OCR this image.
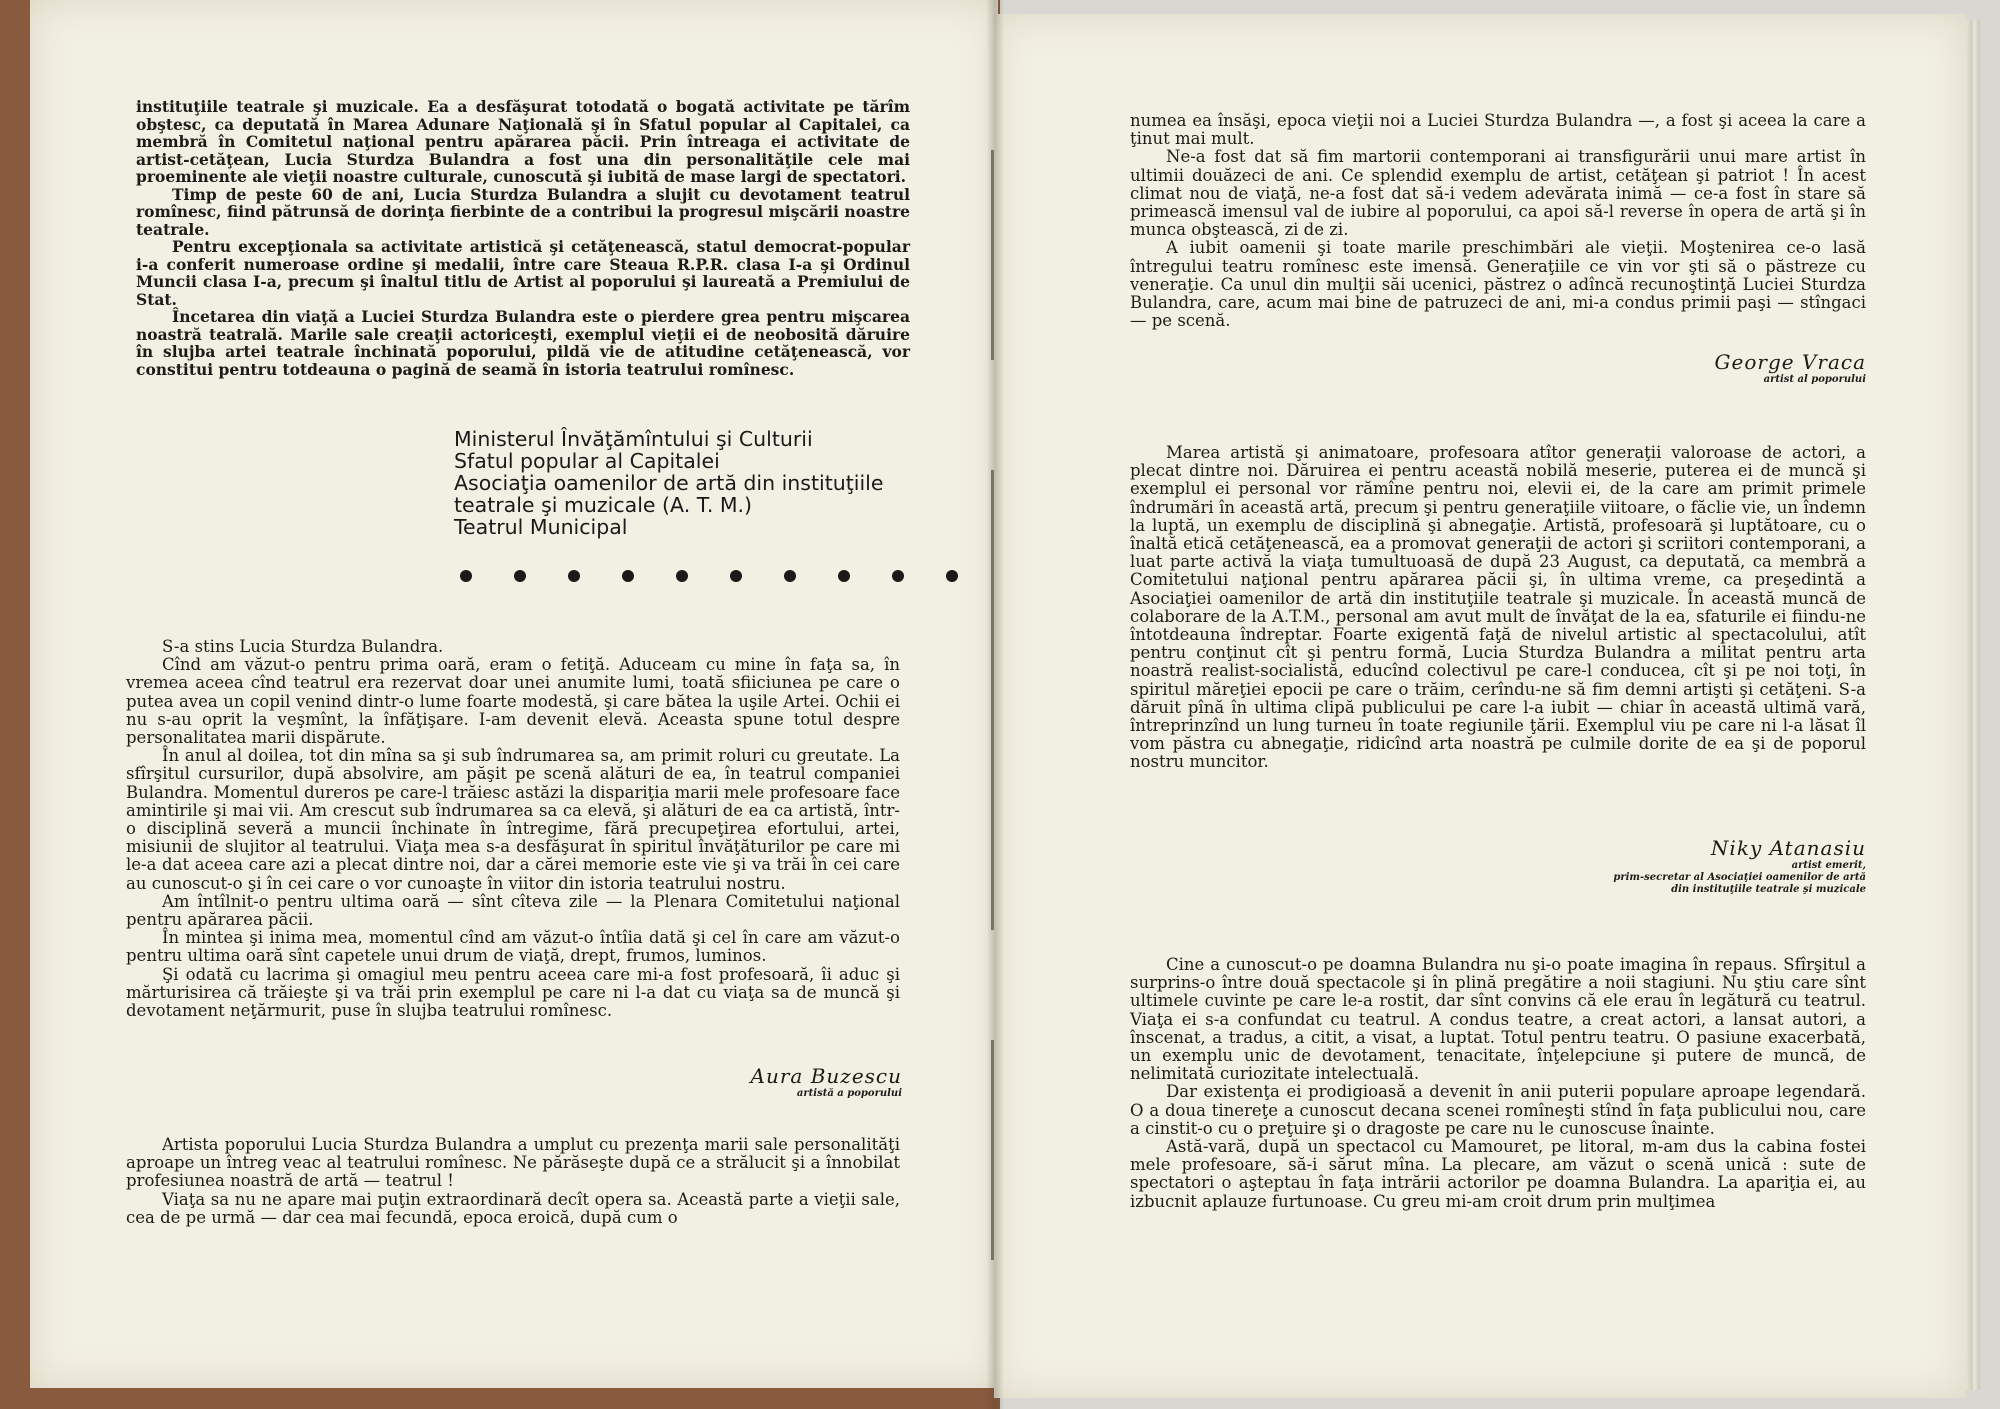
instituţiile teatrale şi muzicale. Ea a desfăşurat totodată o bogată activitate pe tărîm obştesc, ca deputată în Marea Adunare Naţională şi în Sfatul popular al Capitalei, ca membră în Comitetul naţional pentru apărarea păcii. Prin întreaga ei activitate de artist-cetăţean, Lucia Sturdza Bulandra a fost una din personalităţile cele mai proeminente ale vieţii noastre culturale, cunoscută şi iubită de mase largi de spectatori.

Timp de peste 60 de ani, Lucia Sturdza Bulandra a slujit cu devotament teatrul romînesc, fiind pătrunsă de dorinţa fierbinte de a contribui la progresul mişcării noastre teatrale.

Pentru excepţionala sa activitate artistică şi cetăţenească, statul democrat-popular i-a conferit numeroase ordine şi medalii, între care Steaua R.P.R. clasa I-a şi Ordinul Muncii clasa I-a, precum şi înaltul titlu de Artist al poporului şi laureată a Premiului de Stat.

Încetarea din viaţă a Luciei Sturdza Bulandra este o pierdere grea pentru mişcarea noastră teatrală. Marile sale creaţii actoriceşti, exemplul vieţii ei de neobosită dăruire în slujba artei teatrale închinată poporului, pildă vie de atitudine cetăţenească, vor constitui pentru totdeauna o pagină de seamă în istoria teatrului romînesc.

Ministerul Învăţămîntului şi Culturii
Sfatul popular al Capitalei
Asociaţia oamenilor de artă din instituţiile
teatrale şi muzicale (A. T. M.)
Teatrul Municipal

S-a stins Lucia Sturdza Bulandra.

Cînd am văzut-o pentru prima oară, eram o fetiţă. Aduceam cu mine în faţa sa, în vremea aceea cînd teatrul era rezervat doar unei anumite lumi, toată sfiiciunea pe care o putea avea un copil venind dintr-o lume foarte modestă, şi care bătea la uşile Artei. Ochii ei nu s-au oprit la veşmînt, la înfăţişare. I-am devenit elevă. Aceasta spune totul despre personalitatea marii dispărute.

În anul al doilea, tot din mîna sa şi sub îndrumarea sa, am primit roluri cu greutate. La sfîrşitul cursurilor, după absolvire, am păşit pe scenă alături de ea, în teatrul companiei Bulandra. Momentul dureros pe care-l trăiesc astăzi la dispariţia marii mele profesoare face amintirile şi mai vii. Am crescut sub îndrumarea sa ca elevă, şi alături de ea ca artistă, într-o disciplină severă a muncii închinate în întregime, fără precupeţirea efortului, artei, misiunii de slujitor al teatrului. Viaţa mea s-a desfăşurat în spiritul învăţăturilor pe care mi le-a dat aceea care azi a plecat dintre noi, dar a cărei memorie este vie şi va trăi în cei care au cunoscut-o şi în cei care o vor cunoaşte în viitor din istoria teatrului nostru.

Am întîlnit-o pentru ultima oară — sînt cîteva zile — la Plenara Comitetului naţional pentru apărarea păcii.

În mintea şi inima mea, momentul cînd am văzut-o întîia dată şi cel în care am văzut-o pentru ultima oară sînt capetele unui drum de viaţă, drept, frumos, luminos.

Şi odată cu lacrima şi omagiul meu pentru aceea care mi-a fost profesoară, îi aduc şi mărturisirea că trăieşte şi va trăi prin exemplul pe care ni l-a dat cu viaţa sa de muncă şi devotament neţărmurit, puse în slujba teatrului romînesc.

Aura Buzescu
artistă a poporului

Artista poporului Lucia Sturdza Bulandra a umplut cu prezenţa marii sale personalităţi aproape un întreg veac al teatrului romînesc. Ne părăseşte după ce a strălucit şi a înnobilat profesiunea noastră de artă — teatrul !

Viaţa sa nu ne apare mai puţin extraordinară decît opera sa. Această parte a vieţii sale, cea de pe urmă — dar cea mai fecundă, epoca eroică, după cum o

numea ea însăşi, epoca vieţii noi a Luciei Sturdza Bulandra —, a fost şi aceea la care a ţinut mai mult.

Ne-a fost dat să fim martorii contemporani ai transfigurării unui mare artist în ultimii douăzeci de ani. Ce splendid exemplu de artist, cetăţean şi patriot ! În acest climat nou de viaţă, ne-a fost dat să-i vedem adevărata inimă — ce-a fost în stare să primească imensul val de iubire al poporului, ca apoi să-l reverse în opera de artă şi în munca obştească, zi de zi.

A iubit oamenii şi toate marile preschimbări ale vieţii. Moştenirea ce-o lasă întregului teatru romînesc este imensă. Generaţiile ce vin vor şti să o păstreze cu veneraţie. Ca unul din mulţii săi ucenici, păstrez o adîncă recunoştinţă Luciei Sturdza Bulandra, care, acum mai bine de patruzeci de ani, mi-a condus primii paşi — stîngaci — pe scenă.

George Vraca
artist al poporului

Marea artistă şi animatoare, profesoara atîtor generaţii valoroase de actori, a plecat dintre noi. Dăruirea ei pentru această nobilă meserie, puterea ei de muncă şi exemplul ei personal vor rămîne pentru noi, elevii ei, de la care am primit primele îndrumări în această artă, precum şi pentru generaţiile viitoare, o făclie vie, un îndemn la luptă, un exemplu de disciplină şi abnegaţie. Artistă, profesoară şi luptătoare, cu o înaltă etică cetăţenească, ea a promovat generaţii de actori şi scriitori contemporani, a luat parte activă la viaţa tumultuoasă de după 23 August, ca deputată, ca membră a Comitetului naţional pentru apărarea păcii şi, în ultima vreme, ca preşedintă a Asociaţiei oamenilor de artă din instituţiile teatrale şi muzicale. În această muncă de colaborare de la A.T.M., personal am avut mult de învăţat de la ea, sfaturile ei fiindu-ne întotdeauna îndreptar. Foarte exigentă faţă de nivelul artistic al spectacolului, atît pentru conţinut cît şi pentru formă, Lucia Sturdza Bulandra a militat pentru arta noastră realist-socialistă, educînd colectivul pe care-l conducea, cît şi pe noi toţi, în spiritul măreţiei epocii pe care o trăim, cerîndu-ne să fim demni artişti şi cetăţeni. S-a dăruit pînă în ultima clipă publicului pe care l-a iubit — chiar în această ultimă vară, întreprinzînd un lung turneu în toate regiunile ţării. Exemplul viu pe care ni l-a lăsat îl vom păstra cu abnegaţie, ridicînd arta noastră pe culmile dorite de ea şi de poporul nostru muncitor.

Niky Atanasiu
artist emerit,
prim-secretar al Asociaţiei oamenilor de artă
din instituţiile teatrale şi muzicale

Cine a cunoscut-o pe doamna Bulandra nu şi-o poate imagina în repaus. Sfîrşitul a surprins-o între două spectacole şi în plină pregătire a noii stagiuni. Nu ştiu care sînt ultimele cuvinte pe care le-a rostit, dar sînt convins că ele erau în legătură cu teatrul. Viaţa ei s-a confundat cu teatrul. A condus teatre, a creat actori, a lansat autori, a înscenat, a tradus, a citit, a visat, a luptat. Totul pentru teatru. O pasiune exacerbată, un exemplu unic de devotament, tenacitate, înţelepciune şi putere de muncă, de nelimitată curiozitate intelectuală.

Dar existenţa ei prodigioasă a devenit în anii puterii populare aproape legendară. O a doua tinereţe a cunoscut decana scenei romîneşti stînd în faţa publicului nou, care a cinstit-o cu o preţuire şi o dragoste pe care nu le cunoscuse înainte.

Astă-vară, după un spectacol cu Mamouret, pe litoral, m-am dus la cabina fostei mele profesoare, să-i sărut mîna. La plecare, am văzut o scenă unică : sute de spectatori o aşteptau în faţa intrării actorilor pe doamna Bulandra. La apariţia ei, au izbucnit aplauze furtunoase. Cu greu mi-am croit drum prin mulţimea
